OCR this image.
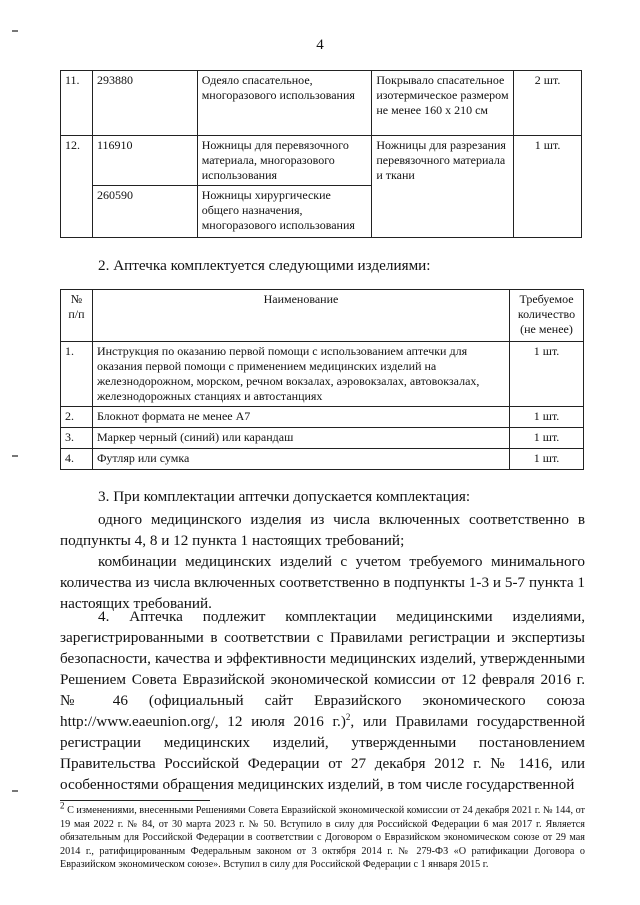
4
11.	293880	Одеяло спасательное, многоразового использования	Покрывало спасательное изотермическое размером не менее 160 x 210 см	2 шт.
12.	116910	Ножницы для перевязочного материала, многоразового использования	Ножницы для разрезания перевязочного материала и ткани	1 шт.
	260590	Ножницы хирургические общего назначения, многоразового использования		
2. Аптечка комплектуется следующими изделиями:
№ п/п	Наименование	Требуемое количество (не менее)
1.	Инструкция по оказанию первой помощи с использованием аптечки для оказания первой помощи с применением медицинских изделий на железнодорожном, морском, речном вокзалах, аэровокзалах, автовокзалах, железнодорожных станциях и автостанциях	1 шт.
2.	Блокнот формата не менее А7	1 шт.
3.	Маркер черный (синий) или карандаш	1 шт.
4.	Футляр или сумка	1 шт.
3. При комплектации аптечки допускается комплектация:

одного медицинского изделия из числа включенных соответственно в подпункты 4, 8 и 12 пункта 1 настоящих требований;

комбинации медицинских изделий с учетом требуемого минимального количества из числа включенных соответственно в подпункты 1-3 и 5-7 пункта 1 настоящих требований.

4. Аптечка подлежит комплектации медицинскими изделиями, зарегистрированными в соответствии с Правилами регистрации и экспертизы безопасности, качества и эффективности медицинских изделий, утвержденными Решением Совета Евразийской экономической комиссии от 12 февраля 2016 г. № 46 (официальный сайт Евразийского экономического союза http://www.eaeunion.org/, 12 июля 2016 г.)$^2$, или Правилами государственной регистрации медицинских изделий, утвержденными постановлением Правительства Российской Федерации от 27 декабря 2012 г. № 1416, или особенностями обращения медицинских изделий, в том числе государственной

$^2$ С изменениями, внесенными Решениями Совета Евразийской экономической комиссии от 24 декабря 2021 г. № 144, от 19 мая 2022 г. № 84, от 30 марта 2023 г. № 50. Вступило в силу для Российской Федерации 6 мая 2017 г. Является обязательным для Российской Федерации в соответствии с Договором о Евразийском экономическом союзе от 29 мая 2014 г., ратифицированным Федеральным законом от 3 октября 2014 г. № 279-ФЗ «О ратификации Договора о Евразийском экономическом союзе». Вступил в силу для Российской Федерации с 1 января 2015 г.
